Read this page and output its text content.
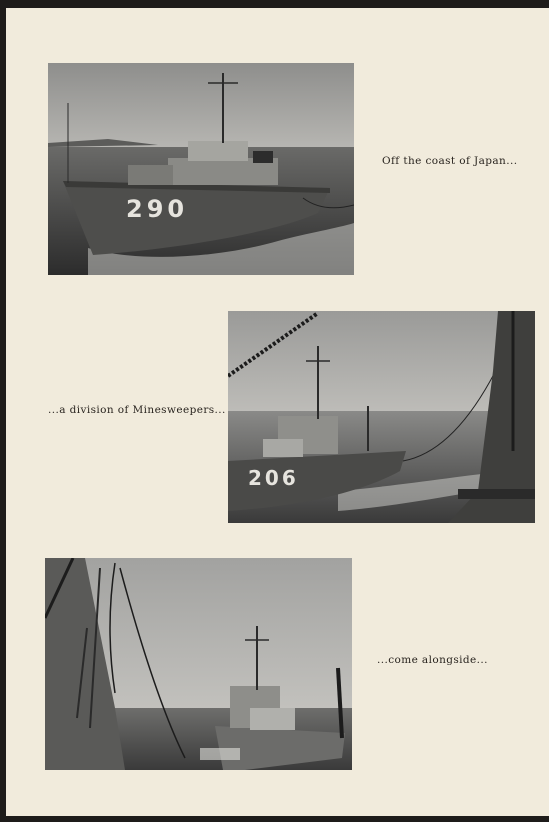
290
Off the coast of Japan...
...a division of Minesweepers...
206
...come alongside...
